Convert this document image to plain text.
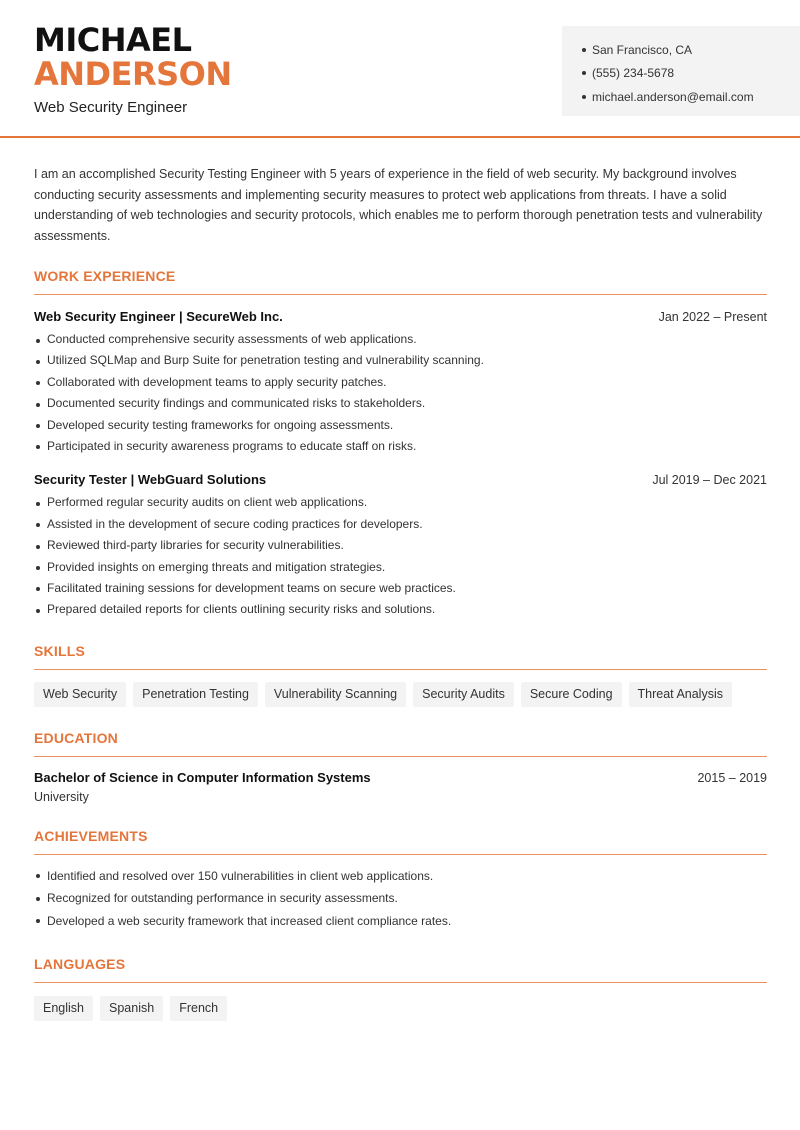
MICHAEL
ANDERSON
Web Security Engineer
San Francisco, CA
(555) 234-5678
michael.anderson@email.com

I am an accomplished Security Testing Engineer with 5 years of experience in the field of web security. My background involves conducting security assessments and implementing security measures to protect web applications from threats. I have a solid understanding of web technologies and security protocols, which enables me to perform thorough penetration tests and vulnerability assessments.

WORK EXPERIENCE
Web Security Engineer | SecureWeb Inc.	Jan 2022 – Present
Conducted comprehensive security assessments of web applications.
Utilized SQLMap and Burp Suite for penetration testing and vulnerability scanning.
Collaborated with development teams to apply security patches.
Documented security findings and communicated risks to stakeholders.
Developed security testing frameworks for ongoing assessments.
Participated in security awareness programs to educate staff on risks.
Security Tester | WebGuard Solutions	Jul 2019 – Dec 2021
Performed regular security audits on client web applications.
Assisted in the development of secure coding practices for developers.
Reviewed third-party libraries for security vulnerabilities.
Provided insights on emerging threats and mitigation strategies.
Facilitated training sessions for development teams on secure web practices.
Prepared detailed reports for clients outlining security risks and solutions.
SKILLS
Web Security	Penetration Testing	Vulnerability Scanning	Security Audits	Secure Coding	Threat Analysis
EDUCATION
Bachelor of Science in Computer Information Systems	2015 – 2019
University
ACHIEVEMENTS
Identified and resolved over 150 vulnerabilities in client web applications.
Recognized for outstanding performance in security assessments.
Developed a web security framework that increased client compliance rates.
LANGUAGES
English	Spanish	French
